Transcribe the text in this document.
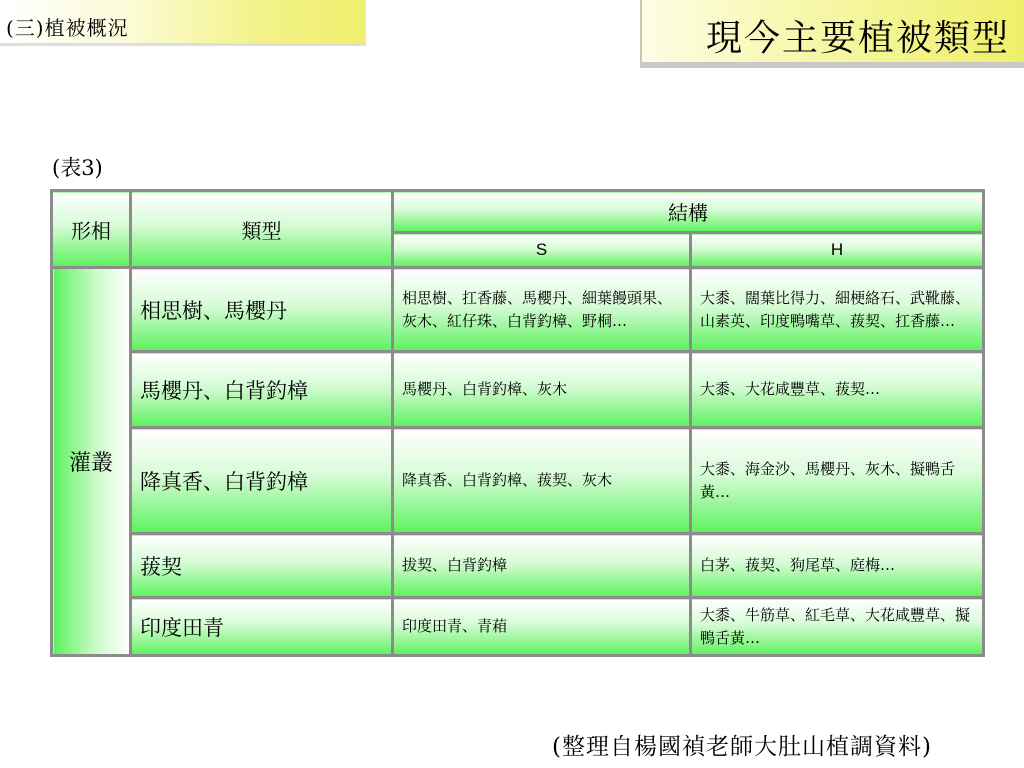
(三)植被概況	現今主要植被類型
(表3)
形相	類型	結構	
		S	H
灌叢	相思樹、馬櫻丹	相思樹、扛香藤、馬櫻丹、細葉饅頭果、灰木、紅仔珠、白背釣樟、野桐…	大黍、闊葉比得力、細梗絡石、武靴藤、山素英、印度鴨嘴草、菝契、扛香藤…
	馬櫻丹、白背釣樟	馬櫻丹、白背釣樟、灰木	大黍、大花咸豐草、菝契…
	降真香、白背釣樟	降真香、白背釣樟、菝契、灰木	大黍、海金沙、馬櫻丹、灰木、擬鴨舌黃…
	菝契	拔契、白背釣樟	白茅、菝契、狗尾草、庭梅…
	印度田青	印度田青、青葙	大黍、牛筋草、紅毛草、大花咸豐草、擬鴨舌黃…
(整理自楊國禎老師大肚山植調資料)
